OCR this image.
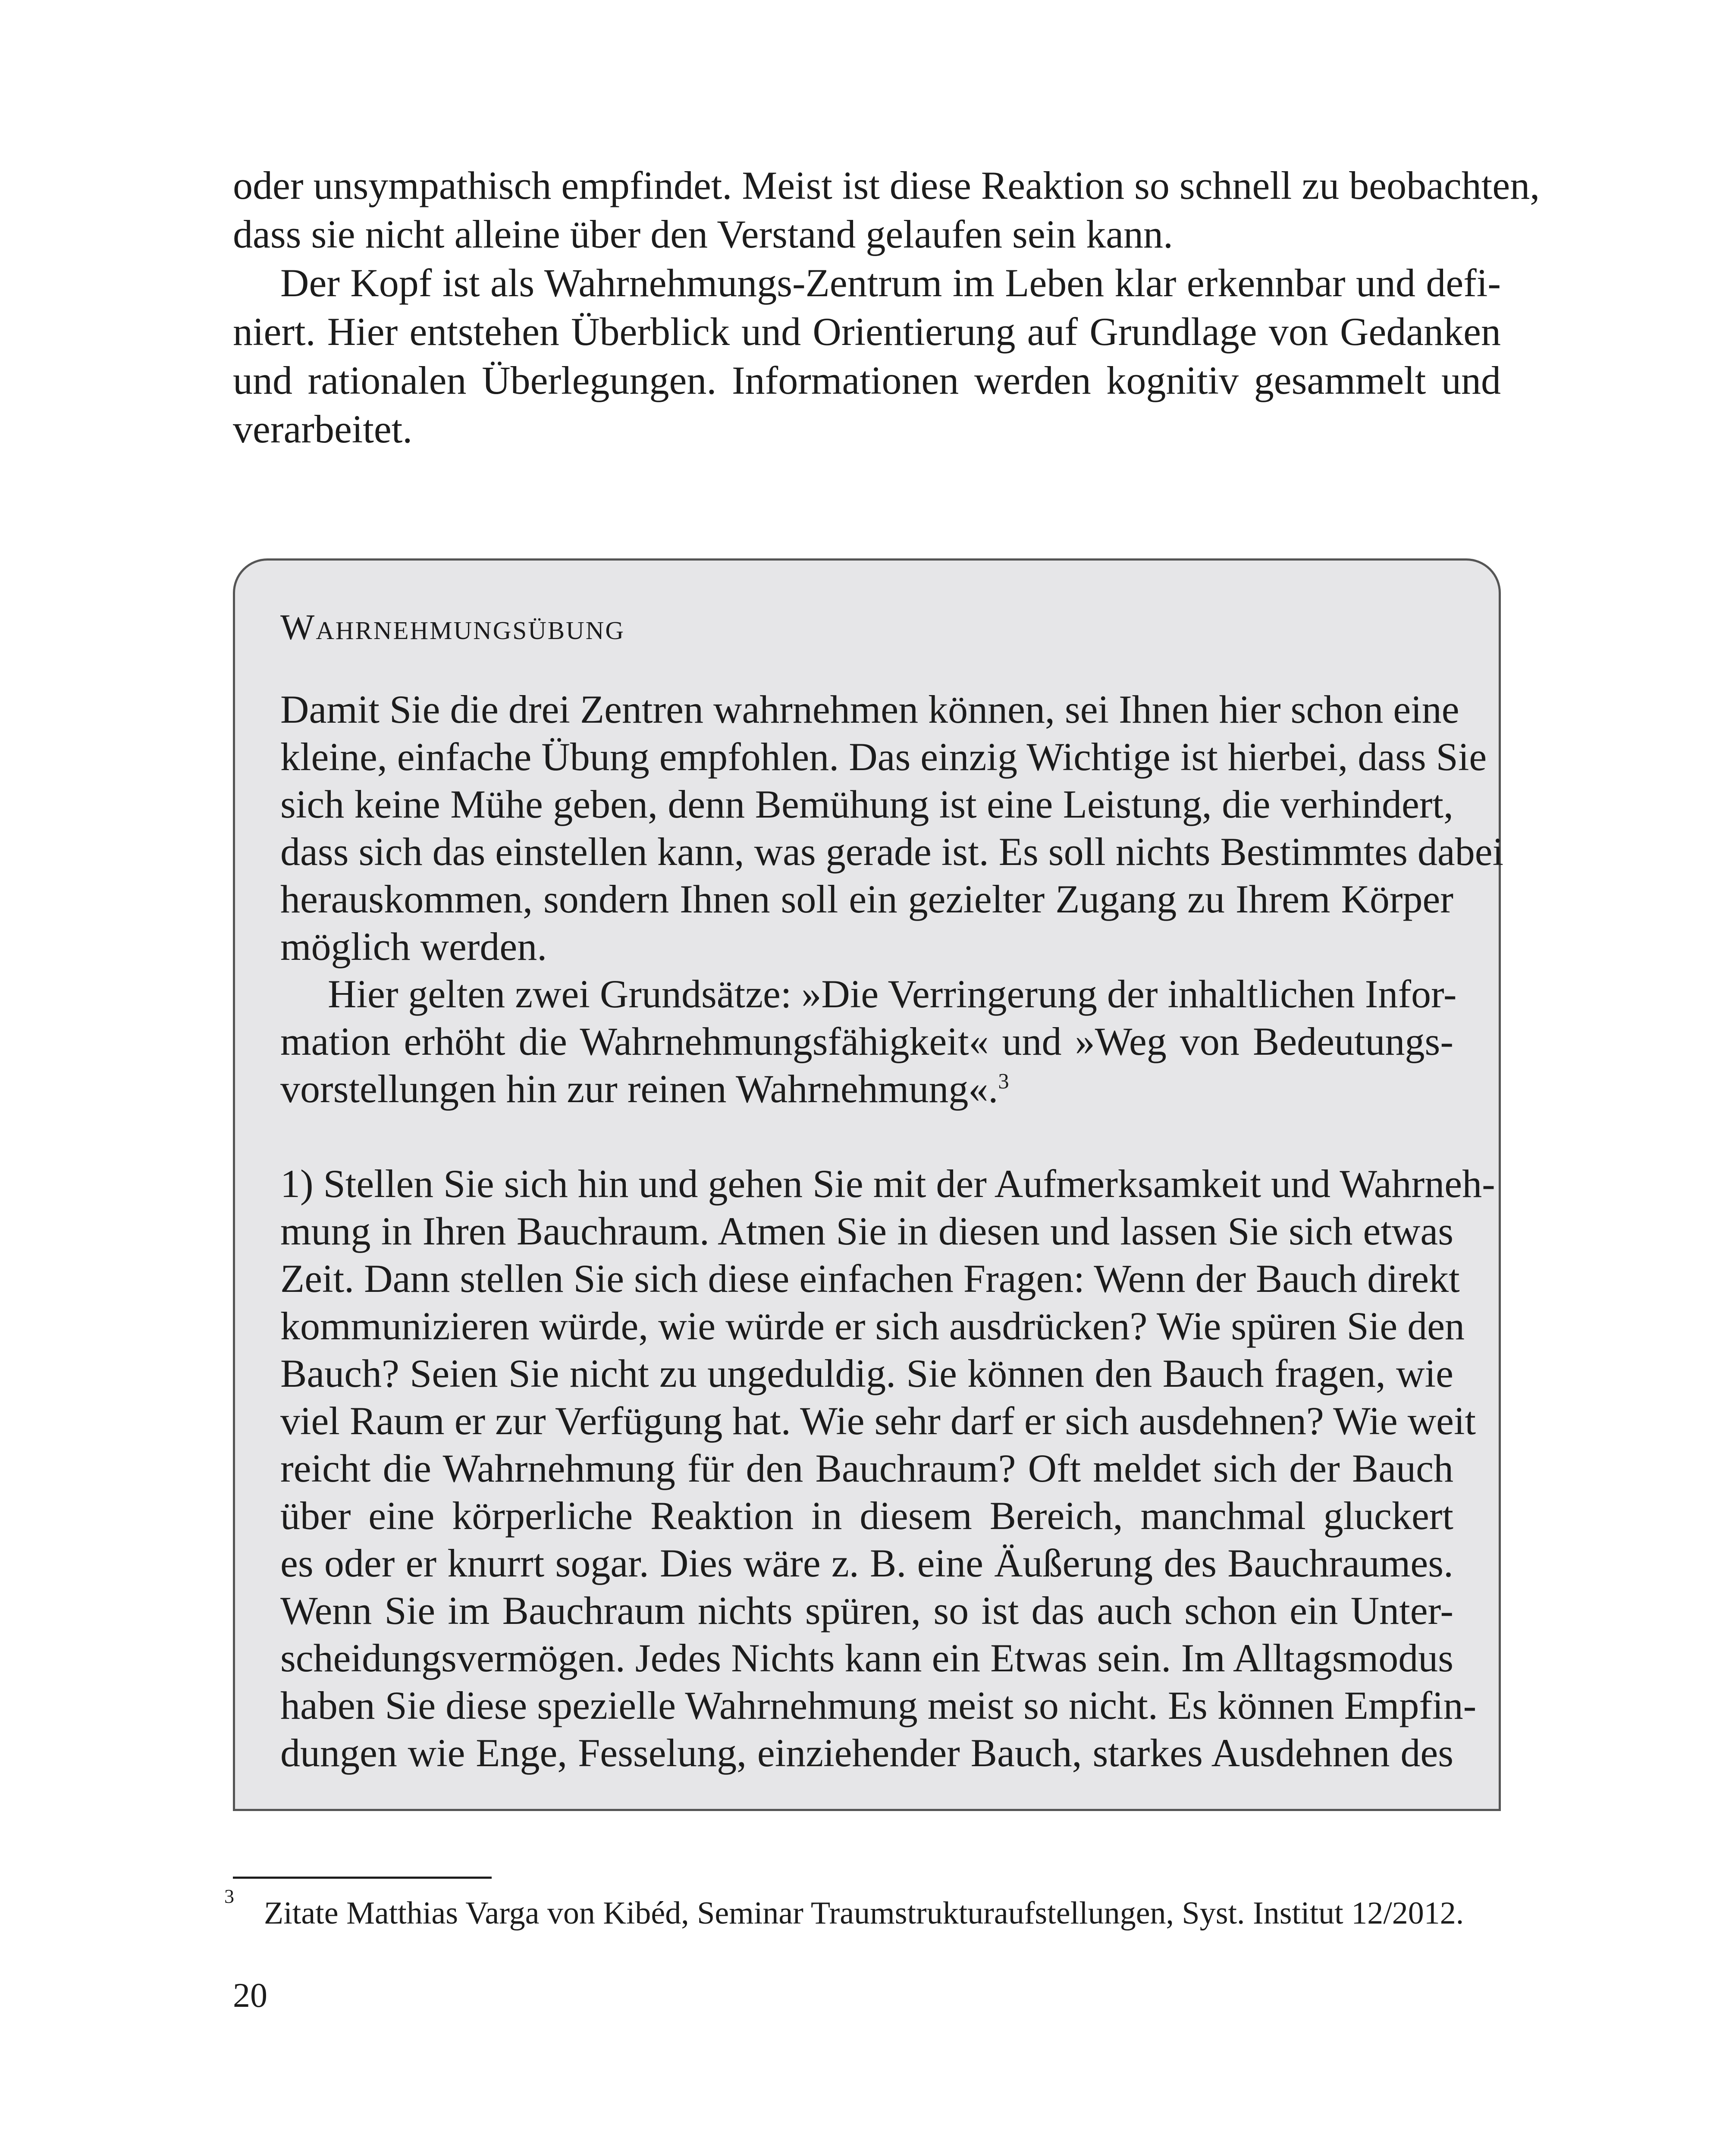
oder unsympathisch empfindet. Meist ist diese Reaktion so schnell zu beobachten,
dass sie nicht alleine über den Verstand gelaufen sein kann.
Der Kopf ist als Wahrnehmungs-Zentrum im Leben klar erkennbar und defi-
niert. Hier entstehen Überblick und Orientierung auf Grundlage von Gedanken
und rationalen Überlegungen. Informationen werden kognitiv gesammelt und
verarbeitet.
Wahrnehmungsübung
Damit Sie die drei Zentren wahrnehmen können, sei Ihnen hier schon eine
kleine, einfache Übung empfohlen. Das einzig Wichtige ist hierbei, dass Sie
sich keine Mühe geben, denn Bemühung ist eine Leistung, die verhindert,
dass sich das einstellen kann, was gerade ist. Es soll nichts Bestimmtes dabei
herauskommen, sondern Ihnen soll ein gezielter Zugang zu Ihrem Körper
möglich werden.
Hier gelten zwei Grundsätze: »Die Verringerung der inhaltlichen Infor-
mation erhöht die Wahrnehmungsfähigkeit« und »Weg von Bedeutungs-
vorstellungen hin zur reinen Wahrnehmung«.$^3$
1) Stellen Sie sich hin und gehen Sie mit der Aufmerksamkeit und Wahrneh-
mung in Ihren Bauchraum. Atmen Sie in diesen und lassen Sie sich etwas
Zeit. Dann stellen Sie sich diese einfachen Fragen: Wenn der Bauch direkt
kommunizieren würde, wie würde er sich ausdrücken? Wie spüren Sie den
Bauch? Seien Sie nicht zu ungeduldig. Sie können den Bauch fragen, wie
viel Raum er zur Verfügung hat. Wie sehr darf er sich ausdehnen? Wie weit
reicht die Wahrnehmung für den Bauchraum? Oft meldet sich der Bauch
über eine körperliche Reaktion in diesem Bereich, manchmal gluckert
es oder er knurrt sogar. Dies wäre z. B. eine Äußerung des Bauchraumes.
Wenn Sie im Bauchraum nichts spüren, so ist das auch schon ein Unter-
scheidungsvermögen. Jedes Nichts kann ein Etwas sein. Im Alltagsmodus
haben Sie diese spezielle Wahrnehmung meist so nicht. Es können Empfin-
dungen wie Enge, Fesselung, einziehender Bauch, starkes Ausdehnen des
3 Zitate Matthias Varga von Kibéd, Seminar Traumstrukturaufstellungen, Syst. Institut 12/2012.
20
